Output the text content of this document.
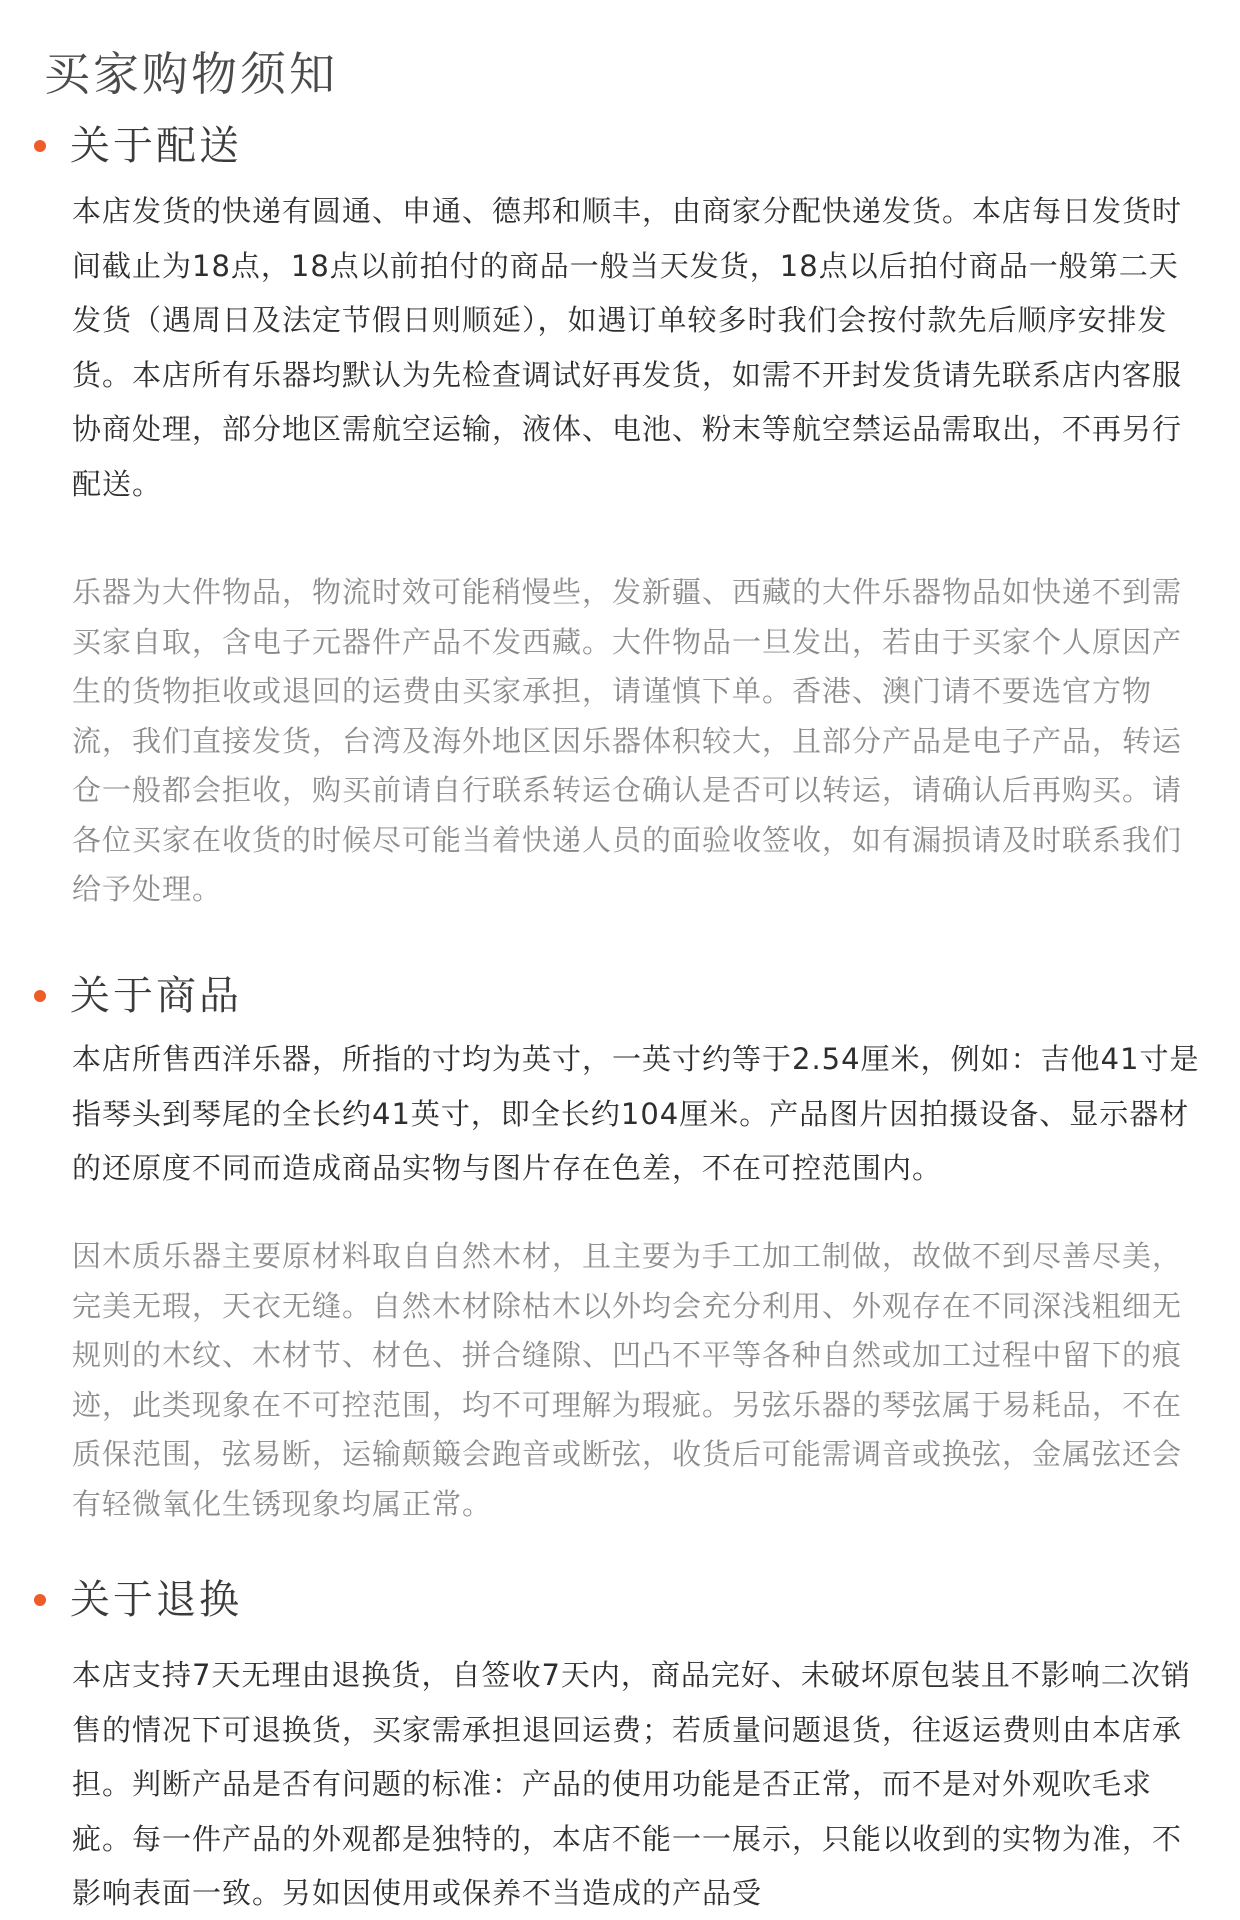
买家购物须知
关于配送

本店发货的快递有圆通、申通、德邦和顺丰，由商家分配快递发货。本店每日发货时间截止为18点，18点以前拍付的商品一般当天发货，18点以后拍付商品一般第二天发货（遇周日及法定节假日则顺延），如遇订单较多时我们会按付款先后顺序安排发货。本店所有乐器均默认为先检查调试好再发货，如需不开封发货请先联系店内客服协商处理，部分地区需航空运输，液体、电池、粉末等航空禁运品需取出，不再另行配送。

乐器为大件物品，物流时效可能稍慢些，发新疆、西藏的大件乐器物品如快递不到需买家自取，含电子元器件产品不发西藏。大件物品一旦发出，若由于买家个人原因产生的货物拒收或退回的运费由买家承担，请谨慎下单。香港、澳门请不要选官方物流，我们直接发货，台湾及海外地区因乐器体积较大，且部分产品是电子产品，转运仓一般都会拒收，购买前请自行联系转运仓确认是否可以转运，请确认后再购买。请各位买家在收货的时候尽可能当着快递人员的面验收签收，如有漏损请及时联系我们给予处理。

关于商品

本店所售西洋乐器，所指的寸均为英寸，一英寸约等于2.54厘米，例如：吉他41寸是指琴头到琴尾的全长约41英寸，即全长约104厘米。产品图片因拍摄设备、显示器材的还原度不同而造成商品实物与图片存在色差，不在可控范围内。

因木质乐器主要原材料取自自然木材，且主要为手工加工制做，故做不到尽善尽美，完美无瑕，天衣无缝。自然木材除枯木以外均会充分利用、外观存在不同深浅粗细无规则的木纹、木材节、材色、拼合缝隙、凹凸不平等各种自然或加工过程中留下的痕迹，此类现象在不可控范围，均不可理解为瑕疵。另弦乐器的琴弦属于易耗品，不在质保范围，弦易断，运输颠簸会跑音或断弦，收货后可能需调音或换弦，金属弦还会有轻微氧化生锈现象均属正常。

关于退换

本店支持7天无理由退换货，自签收7天内，商品完好、未破坏原包装且不影响二次销售的情况下可退换货，买家需承担退回运费；若质量问题退货，往返运费则由本店承担。判断产品是否有问题的标准：产品的使用功能是否正常，而不是对外观吹毛求疵。每一件产品的外观都是独特的，本店不能一一展示，只能以收到的实物为准，不影响表面一致。另如因使用或保养不当造成的产品受
